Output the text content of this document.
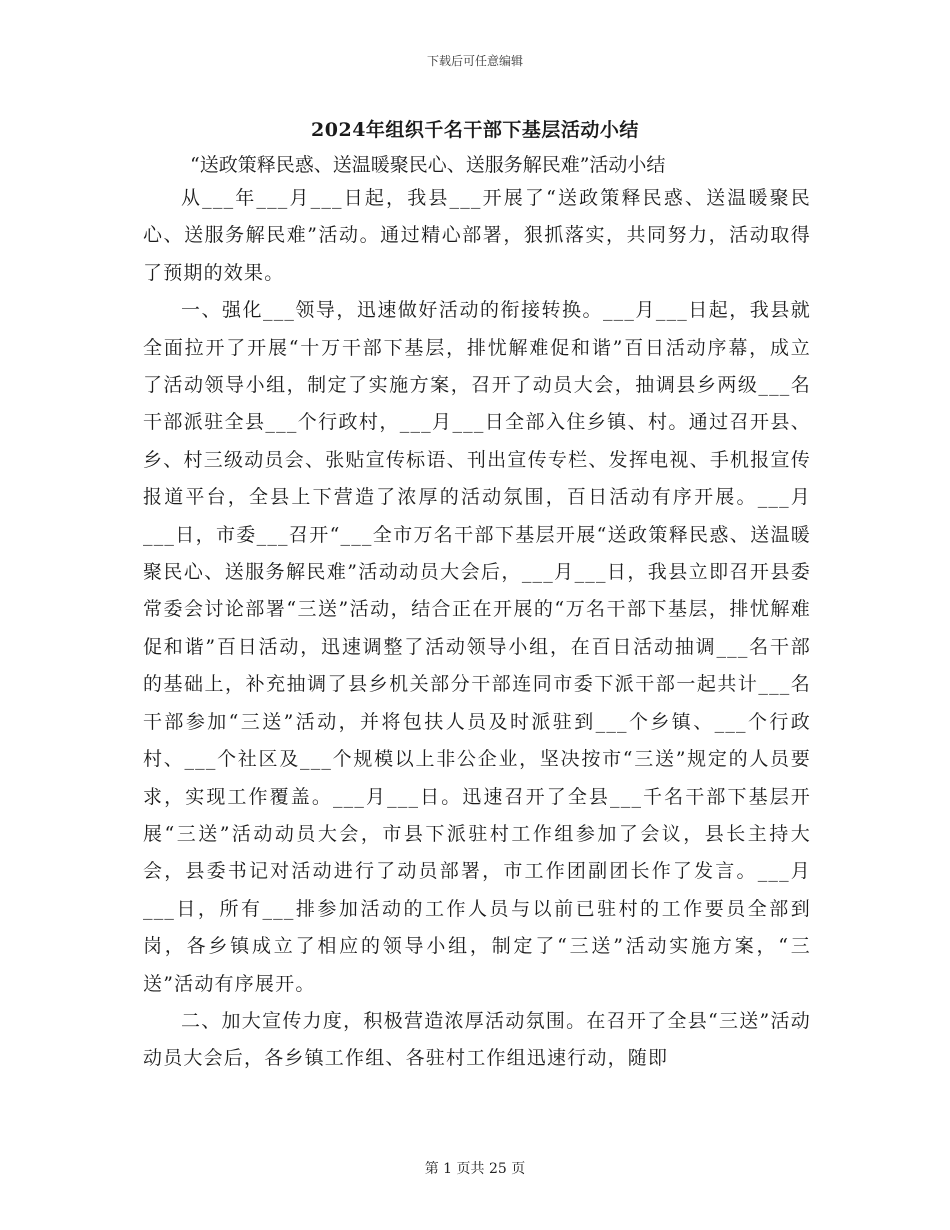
下载后可任意编辑
2024年组织千名干部下基层活动小结
“送政策释民惑、送温暖聚民心、送服务解民难”活动小结

从___年___月___日起，我县___开展了“送政策释民惑、送温暖聚民心、送服务解民难”活动。通过精心部署，狠抓落实，共同努力，活动取得了预期的效果。

一、强化___领导，迅速做好活动的衔接转换。___月___日起，我县就全面拉开了开展“十万干部下基层，排忧解难促和谐”百日活动序幕，成立了活动领导小组，制定了实施方案，召开了动员大会，抽调县乡两级___名干部派驻全县___个行政村，___月___日全部入住乡镇、村。通过召开县、乡、村三级动员会、张贴宣传标语、刊出宣传专栏、发挥电视、手机报宣传报道平台，全县上下营造了浓厚的活动氛围，百日活动有序开展。___月___日，市委___召开“___全市万名干部下基层开展“送政策释民惑、送温暖聚民心、送服务解民难”活动动员大会后，___月___日，我县立即召开县委常委会讨论部署“三送”活动，结合正在开展的“万名干部下基层，排忧解难促和谐”百日活动，迅速调整了活动领导小组，在百日活动抽调___名干部的基础上，补充抽调了县乡机关部分干部连同市委下派干部一起共计___名干部参加“三送”活动，并将包扶人员及时派驻到___个乡镇、___个行政村、___个社区及___个规模以上非公企业，坚决按市“三送”规定的人员要求，实现工作覆盖。___月___日。迅速召开了全县___千名干部下基层开展“三送”活动动员大会，市县下派驻村工作组参加了会议，县长主持大会，县委书记对活动进行了动员部署，市工作团副团长作了发言。___月___日，所有___排参加活动的工作人员与以前已驻村的工作要员全部到岗，各乡镇成立了相应的领导小组，制定了“三送”活动实施方案，“三送”活动有序展开。

二、加大宣传力度，积极营造浓厚活动氛围。在召开了全县“三送”活动动员大会后，各乡镇工作组、各驻村工作组迅速行动，随即

第 1 页共 25 页
